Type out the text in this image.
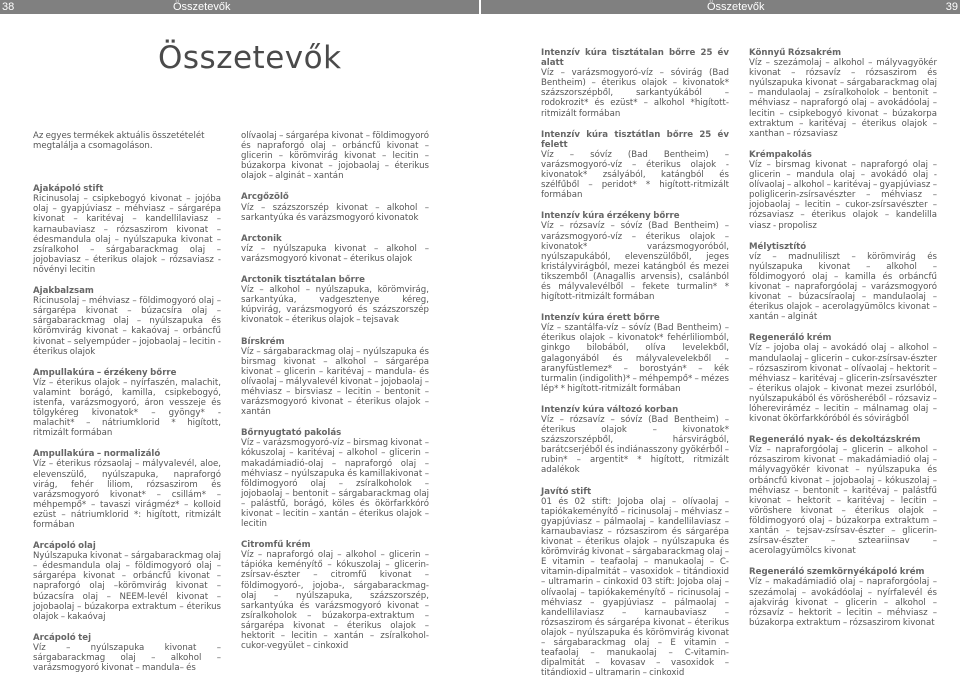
38	Összetevők	Összetevők	39
Összetevők

Az egyes termékek aktuális összetételét megtalálja a csomagoláson.

Ajakápoló stift

Ricinusolaj – csipkebogyó kivonat – jojóba olaj – gyapjúviasz – méhviasz – sárgarépa kivonat – karitévaj – kandellilaviasz – karnaubaviasz – rózsaszirom kivonat – édesmandula olaj – nyúlszapuka kivonat – zsíralkohol – sárgabarackmag olaj – jojobaviasz – éterikus olajok – rózsaviasz - növényi lecitin

Ajakbalzsam

Ricinusolaj – méhviasz – földimogyoró olaj – sárgarépa kivonat – búzacsíra olaj – sárgabarackmag olaj – nyúlszapuka és körömvirág kivonat – kakaóvaj – orbáncfű kivonat – selyempúder – jojobaolaj – lecitin - éterikus olajok

Ampullakúra – érzékeny bőrre

Víz – éterikus olajok – nyírfaszén, malachit, valamint borágó, kamilla, csipkebogyó, istenfa, varázsmogyoró, áron vesszeje és tölgykéreg kivonatok* – gyöngy* - malachit* – nátriumklorid * higított, ritmizált formában

Ampullakúra – normalizáló

Víz – éterikus rózsaolaj – mályvalevél, aloe, elevenszülő, nyúlszapuka, napraforgó virág, fehér liliom, rózsaszirom és varázsmogyoró kivonat* – csillám* – méhpempő* – tavaszi virágméz* – kolloid ezüst – nátriumklorid *: higított, ritmizált formában

Arcápoló olaj

Nyúlszapuka kivonat – sárgabarackmag olaj – édesmandula olaj – földimogyoró olaj – sárgarépa kivonat – orbáncfű kivonat – napraforgó olaj –körömvirág kivonat – búzacsíra olaj – NEEM-levél kivonat – jojobaolaj – búzakorpa extraktum – éterikus olajok – kakaóvaj

Arcápoló tej

Víz – nyúlszapuka kivonat – sárgabarackmag olaj – alkohol – varázsmogyoró kivonat – mandula– és

olívaolaj – sárgarépa kivonat – földimogyoró és napraforgó olaj – orbáncfű kivonat – glicerin – körömvirág kivonat – lecitin – búzakorpa kivonat – jojobaolaj – éterikus olajok – alginát – xantán

Arcgőzölő

Víz – százszorszép kivonat – alkohol – sarkantyúka és varázsmogyoró kivonatok

Arctonik

víz – nyúlszapuka kivonat – alkohol – varázsmogyoró kivonat – éterikus olajok

Arctonik tisztátalan bőrre

Víz – alkohol – nyúlszapuka, körömvirág, sarkantyúka, vadgesztenye kéreg, kúpvirág, varázsmogyoró és százszorszép kivonatok – éterikus olajok – tejsavak

Bírskrém

Víz – sárgabarackmag olaj – nyúlszapuka és birsmag kivonat – alkohol – sárgarépa kivonat – glicerin – karitévaj – mandula- és olívaolaj – mályvalevél kivonat – jojobaolaj – méhviasz – birsviasz – lecitin – bentonit – varázsmogyoró kivonat – éterikus olajok – xantán

Bőrnyugtató pakolás

Víz – varázsmogyoró-víz – birsmag kivonat – kókuszolaj – karitévaj – alkohol – glicerin – makadámiadió-olaj – napraforgó olaj – méhviasz – nyúlszapuka és kamillakivonat – földimogyoró olaj – zsíralkoholok – jojobaolaj – bentonit – sárgabarackmag olaj – palástfű, borágó, köles és ökörfarkkóró kivonat – lecitin – xantán – éterikus olajok – lecitin

Citromfű krém

Víz – napraforgó olaj – alkohol – glicerin – tápióka keményítő – kókuszolaj – glicerin-zsírsav-észter – citromfű kivonat – földimogyoró-, jojoba-, sárgabarackmag-olaj – nyúlszapuka, százszorszép, sarkantyúka és varázsmogyoró kivonat – zsíralkoholok – búzakorpa-extraktum – sárgarépa kivonat – éterikus olajok – hektorit – lecitin – xantán – zsíralkohol-cukor-vegyület – cinkoxid

Intenzív kúra tisztátalan bőrre 25 év alatt

Víz – varázsmogyoró-víz – sóvirág (Bad Bentheim) – éterikus olajok – kivonatok* százszorszépből, sarkantyúkából – rodokrozit* és ezüst* – alkohol *higított-ritmizált formában

Intenzív kúra tisztátlan bőrre 25 év felett

Víz – sóvíz (Bad Bentheim) – varázsmogyoró-víz – éterikus olajok - kivonatok* zsályából, katángból és szélfűből – peridot* * higított-ritmizált formában

Intenzív kúra érzékeny bőrre

Víz – rózsavíz – sóvíz (Bad Bentheim) – varázsmogyoró-víz – éterikus olajok – kivonatok* varázsmogyoróból, nyúlszapukából, elevenszülőből, jeges kristályvirágból, mezei katángból és mezei tikszemből (Anagallis arvensis), csalánból és mályvalevélből – fekete turmalin* * higított-ritmizált formában

Intenzív kúra érett bőrre

Víz – szantálfa-víz – sóvíz (Bad Bentheim) – éterikus olajok – kivonatok* fehérliliomból, ginkgo bilobából, olíva levelekből, galagonyából és mályvalevelekből – aranyfüstlemez* – borostyán* – kék turmalin (indigolith)* – méhpempő* – mézes lép* * higított-ritmizált formában

Intenzív kúra változó korban

Víz – rózsavíz – sóvíz (Bad Bentheim) – éterikus olajok – kivonatok* százszorszépből, hársvirágból, barátcserjéből és indiánasszony gyökérből – rubin* – argentit* * higított, ritmizált adalékok

Javító stift

01 és 02 stift: Jojoba olaj – olívaolaj – tapiókakeményítő – ricinusolaj – méhviasz – gyapjúviasz – pálmaolaj – kandellilaviasz – karnaubaviasz – rózsaszirom és sárgarépa kivonat – éterikus olajok – nyúlszapuka és körömvirág kivonat – sárgabarackmag olaj – E vitamin – teafaolaj – manukaolaj – C-vitamin-dipalmitát – vasoxidok – titándioxid – ultramarin – cinkoxid 03 stift: Jojoba olaj – olívaolaj – tapiókakeményítő – ricinusolaj – méhviasz – gyapjúviasz – pálmaolaj – kandellilaviasz – karnaubaviasz – rózsaszirom és sárgarépa kivonat – éterikus olajok – nyúlszapuka és körömvirág kivonat – sárgabarackmag olaj – E vitamin – teafaolaj – manukaolaj – C-vitamin-dipalmitát – kovasav – vasoxidok – titándioxid – ultramarin – cinkoxid

Könnyű Rózsakrém

Víz – szezámolaj – alkohol – mályvagyökér kivonat – rózsavíz – rózsaszirom és nyúlszapuka kivonat – sárgabarackmag olaj – mandulaolaj – zsíralkoholok – bentonit – méhviasz – napraforgó olaj – avokádóolaj – lecitin – csipkebogyó kivonat – búzakorpa extraktum – karitévaj – éterikus olajok – xanthan – rózsaviasz

Krémpakolás

Víz – birsmag kivonat – napraforgó olaj – glicerin – mandula olaj – avokádó olaj - olívaolaj – alkohol – karitévaj – gyapjúviasz – poliglicerin-zsírsavészter – méhviasz – jojobaolaj – lecitin – cukor-zsírsavészter – rózsaviasz – éterikus olajok – kandelilla viasz - propolisz

Mélytisztító

víz – madnuliliszt – körömvirág és nyúlszapuka kivonat – alkohol – földimogyoró olaj – kamilla és orbáncfű kivonat – napraforgóolaj – varázsmogyoró kivonat – búzacsíraolaj – mandulaolaj – éterikus olajok – acerolagyümölcs kivonat – xantán – alginát

Regeneráló krém

Víz – jojoba olaj – avokádó olaj – alkohol – mandulaolaj – glicerin – cukor-zsírsav-észter – rózsaszirom kivonat – olívaolaj – hektorit – méhviasz – karitévaj – glicerin-zsírsavészter – éterikus olajok – kivonat mezei zsurlóból, nyúlszapukából és vörösheréből – rózsaviz – lóhereviráméz – lecitin – málnamag olaj – kivonat ökörfarkkóróból és sóvirágból

Regeneráló nyak- és dekoltázskrém

Víz – napraforgóolaj – glicerin – alkohol – rózsaszirom kivonat – makadámiadió olaj – mályvagyökér kivonat – nyúlszapuka és orbáncfű kivonat – jojobaolaj – kókuszolaj – méhviasz – bentonit – karitévaj – palástfű kivonat – hektorit – karitévaj – lecitin – vöröshere kivonat – éterikus olajok – földimogyoró olaj – búzakorpa extraktum – xantán – tejsav-zsírsav-észter – glicerin-zsírsav-észter – szteariinsav – acerolagyümölcs kivonat

Regeneráló szemkörnyékápoló krém

Víz – makadámiadió olaj – napraforgóolaj – szezámolaj – avokádóolaj – nyírfalevél és ajakvirág kivonat – glicerin – alkohol – rózsavíz – hektorit – lecitin – méhviasz – búzakorpa extraktum – rózsaszirom kivonat
